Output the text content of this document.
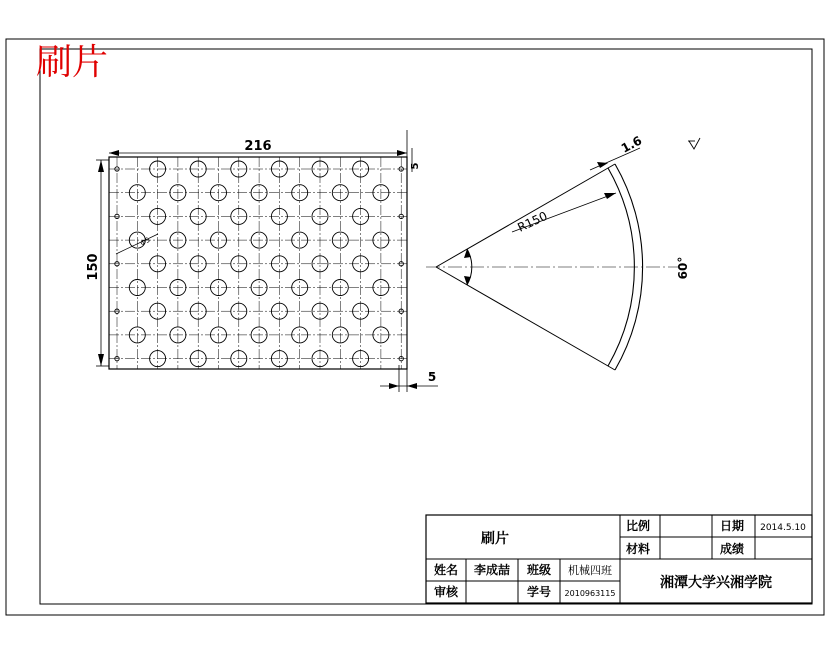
刷片
216
150
5
5
Φ5
60°
R150
1.6
刷片
比例
材料
日期 2014.5.10
成绩
姓名 李成喆 班级 机械四班
审核	学号 2010963115
湘潭大学兴湘学院
